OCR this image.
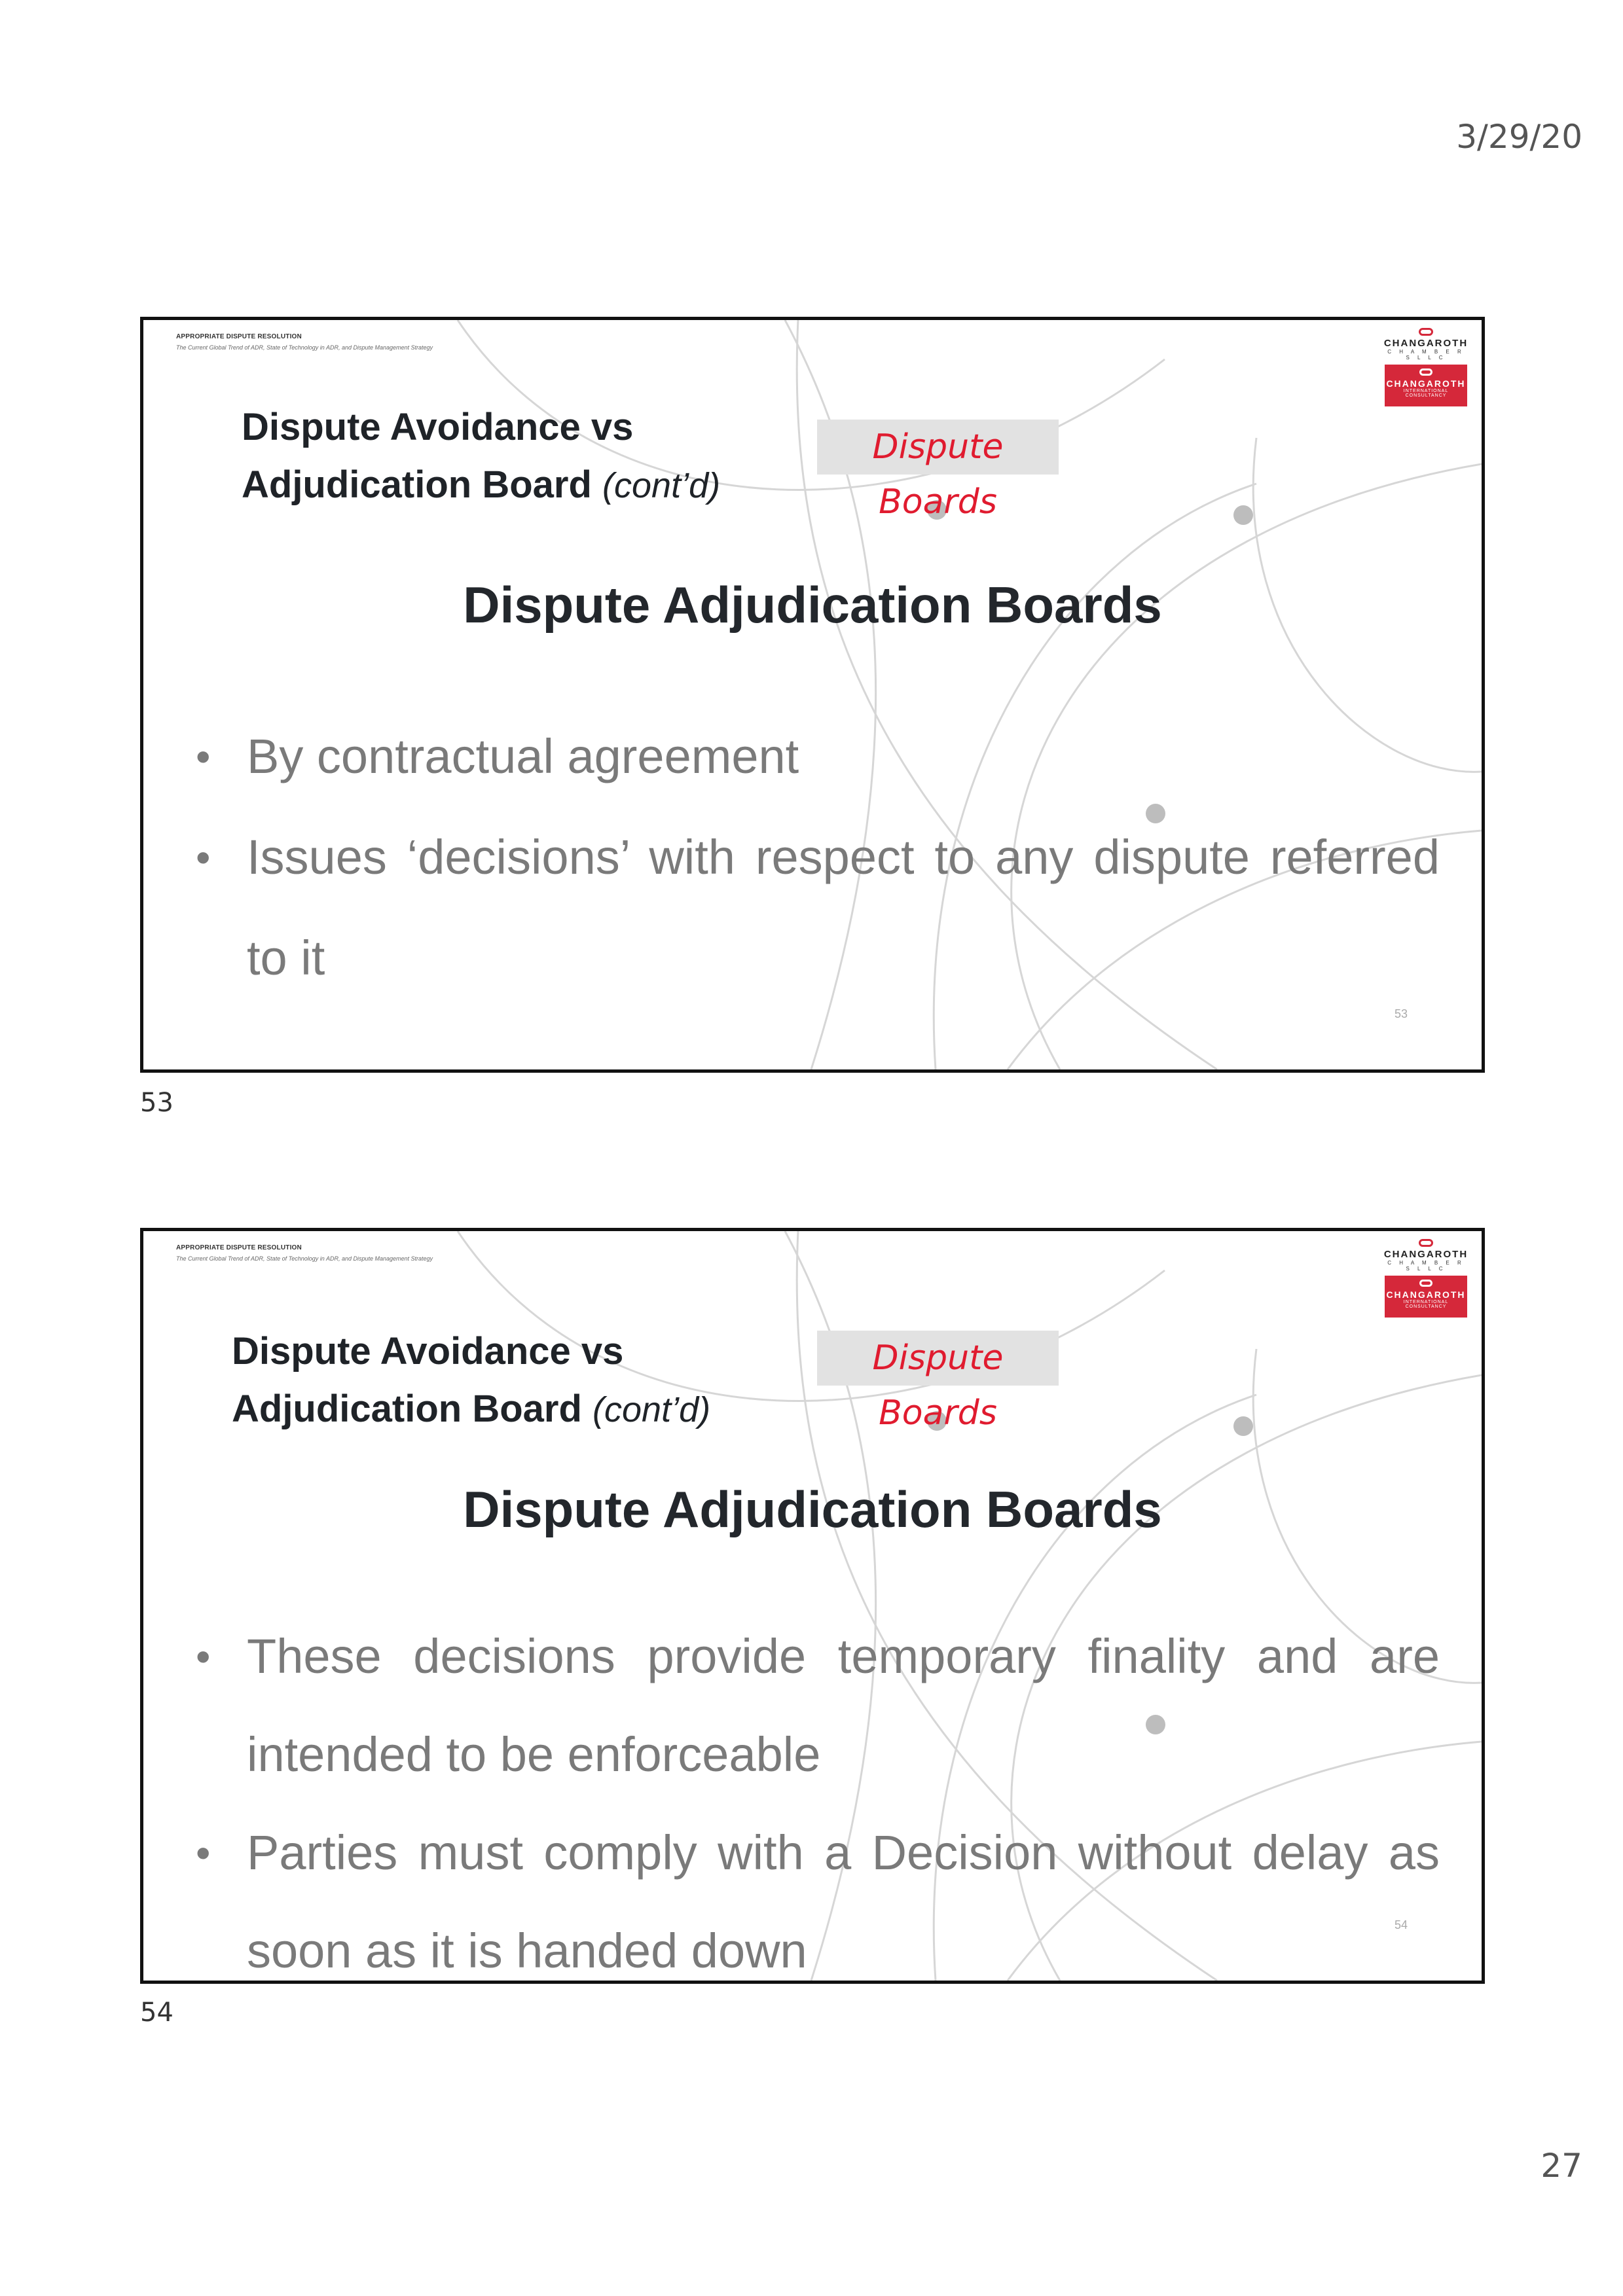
3/29/20
APPROPRIATE DISPUTE RESOLUTION
The Current Global Trend of ADR, State of Technology in ADR, and Dispute Management Strategy	CHANGAROTH
C H A M B E R S L L C
CHANGAROTH
INTERNATIONAL CONSULTANCY
Dispute Boards
Dispute Avoidance vs
Adjudication Board (cont’d)
Dispute Adjudication Boards
• By contractual agreement
• Issues ‘decisions’ with respect to any dispute referred to it
53
53
APPROPRIATE DISPUTE RESOLUTION
The Current Global Trend of ADR, State of Technology in ADR, and Dispute Management Strategy	CHANGAROTH
C H A M B E R S L L C
CHANGAROTH
INTERNATIONAL CONSULTANCY
Dispute Boards
Dispute Avoidance vs
Adjudication Board (cont’d)
Dispute Adjudication Boards
• These decisions provide temporary finality and are intended to be enforceable
• Parties must comply with a Decision without delay as soon as it is handed down	54
54
27
